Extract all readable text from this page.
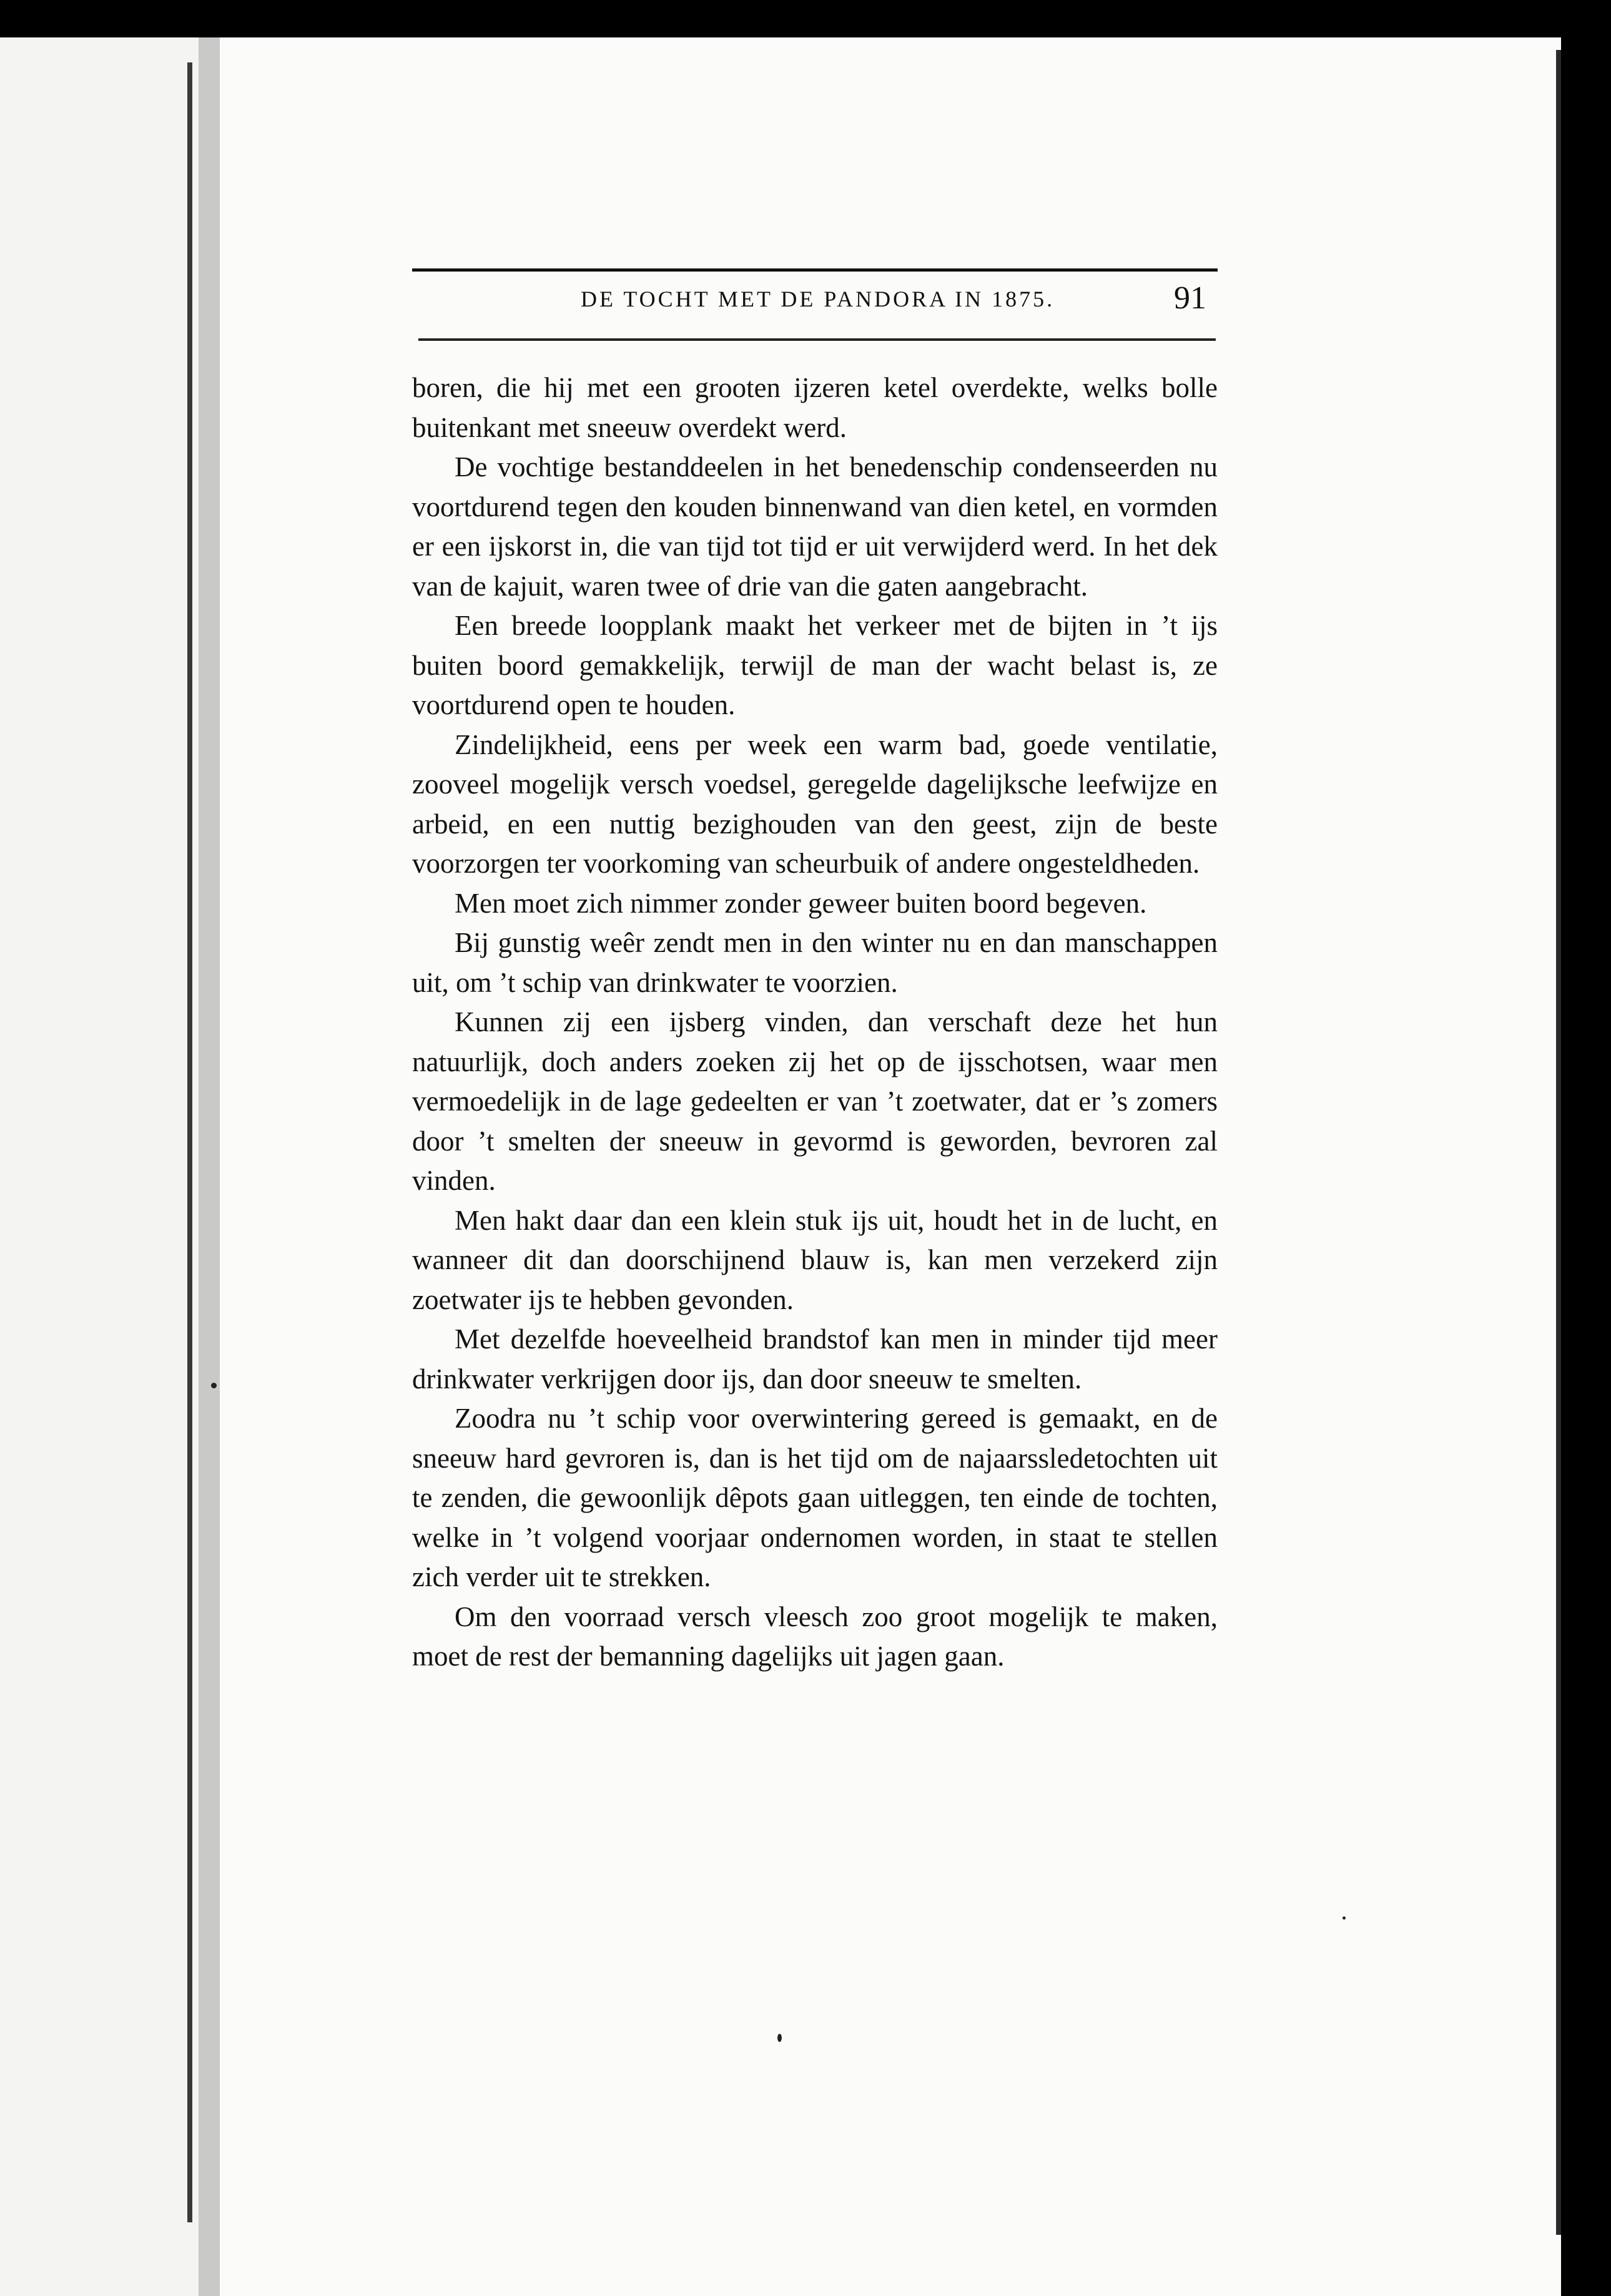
DE TOCHT MET DE PANDORA IN 1875.	91

boren, die hij met een grooten ijzeren ketel overdekte, welks bolle buitenkant met sneeuw overdekt werd.

De vochtige bestanddeelen in het benedenschip condenseerden nu voortdurend tegen den kouden binnenwand van dien ketel, en vormden er een ijskorst in, die van tijd tot tijd er uit verwijderd werd. In het dek van de kajuit, waren twee of drie van die gaten aangebracht.

Een breede loopplank maakt het verkeer met de bijten in ’t ijs buiten boord gemakkelijk, terwijl de man der wacht belast is, ze voortdurend open te houden.

Zindelijkheid, eens per week een warm bad, goede ventilatie, zooveel mogelijk versch voedsel, geregelde dagelijksche leefwijze en arbeid, en een nuttig bezighouden van den geest, zijn de beste voorzorgen ter voorkoming van scheurbuik of andere ongesteldheden.

Men moet zich nimmer zonder geweer buiten boord begeven.

Bij gunstig weêr zendt men in den winter nu en dan manschappen uit, om ’t schip van drinkwater te voorzien.

Kunnen zij een ijsberg vinden, dan verschaft deze het hun natuurlijk, doch anders zoeken zij het op de ijsschotsen, waar men vermoedelijk in de lage gedeelten er van ’t zoetwater, dat er ’s zomers door ’t smelten der sneeuw in gevormd is geworden, bevroren zal vinden.

Men hakt daar dan een klein stuk ijs uit, houdt het in de lucht, en wanneer dit dan doorschijnend blauw is, kan men verzekerd zijn zoetwater ijs te hebben gevonden.

Met dezelfde hoeveelheid brandstof kan men in minder tijd meer drinkwater verkrijgen door ijs, dan door sneeuw te smelten.

Zoodra nu ’t schip voor overwintering gereed is gemaakt, en de sneeuw hard gevroren is, dan is het tijd om de najaarssledetochten uit te zenden, die gewoonlijk dêpots gaan uitleggen, ten einde de tochten, welke in ’t volgend voorjaar ondernomen worden, in staat te stellen zich verder uit te strekken.

Om den voorraad versch vleesch zoo groot mogelijk te maken, moet de rest der bemanning dagelijks uit jagen gaan.
